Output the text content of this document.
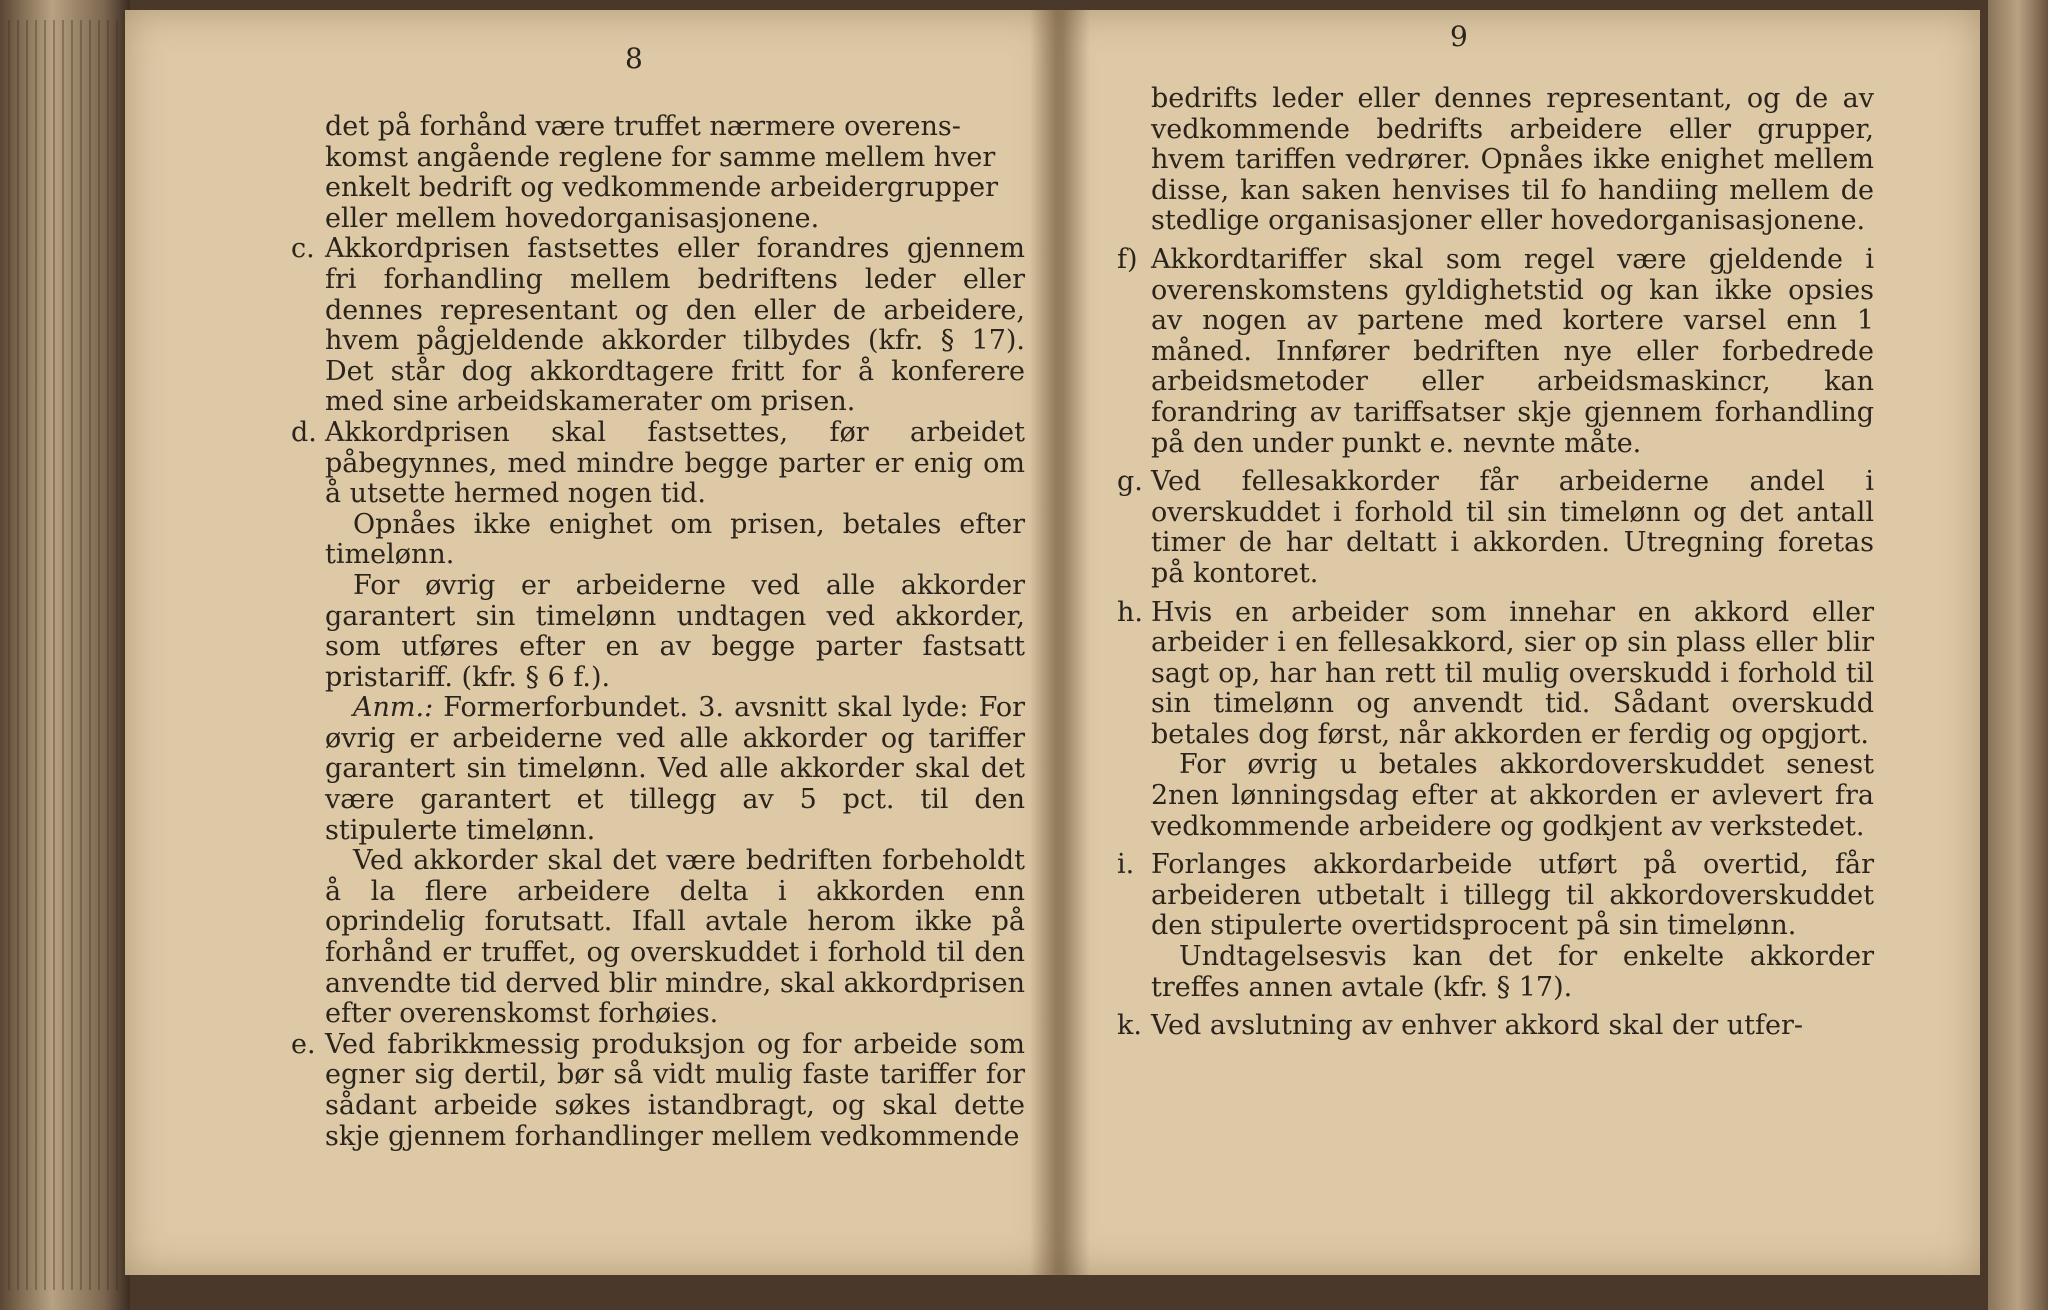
8

det på forhånd være truffet nærmere overens-

komst angående reglene for samme mellem hver

enkelt bedrift og vedkommende arbeidergrupper

eller mellem hovedorganisasjonene.

c. Akkordprisen fastsettes eller forandres gjennem fri forhandling mellem bedriftens leder eller dennes representant og den eller de arbeidere, hvem pågjeldende akkorder tilbydes (kfr. § 17). Det står dog akkordtagere fritt for å konferere med sine arbeidskamerater om prisen.

d. Akkordprisen skal fastsettes, før arbeidet påbegynnes, med mindre begge parter er enig om å utsette hermed nogen tid.

Opnåes ikke enighet om prisen, betales efter timelønn.

For øvrig er arbeiderne ved alle akkorder garantert sin timelønn undtagen ved akkorder, som utføres efter en av begge parter fastsatt pristariff. (kfr. § 6 f.).

Anm.: Formerforbundet. 3. avsnitt skal lyde: For øvrig er arbeiderne ved alle akkorder og tariffer garantert sin timelønn. Ved alle akkorder skal det være garantert et tillegg av 5 pct. til den stipulerte timelønn.

Ved akkorder skal det være bedriften forbeholdt å la flere arbeidere delta i akkorden enn oprindelig forutsatt. Ifall avtale herom ikke på forhånd er truffet, og overskuddet i forhold til den anvendte tid derved blir mindre, skal akkordprisen efter overenskomst forhøies.

e. Ved fabrikkmessig produksjon og for arbeide som egner sig dertil, bør så vidt mulig faste tariffer for sådant arbeide søkes istandbragt, og skal dette skje gjennem forhandlinger mellem vedkommende

9

bedrifts leder eller dennes representant, og de av vedkommende bedrifts arbeidere eller grupper, hvem tariffen vedrører. Opnåes ikke enighet mellem disse, kan saken henvises til fo handiing mellem de stedlige organisasjoner eller hovedorganisasjonene.

f) Akkordtariffer skal som regel være gjeldende i overenskomstens gyldighetstid og kan ikke opsies av nogen av partene med kortere varsel enn 1 måned. Innfører bedriften nye eller forbedrede arbeidsmetoder eller arbeidsmaskincr, kan forandring av tariffsatser skje gjennem forhandling på den under punkt e. nevnte måte.

g. Ved fellesakkorder får arbeiderne andel i overskuddet i forhold til sin timelønn og det antall timer de har deltatt i akkorden. Utregning foretas på kontoret.

h. Hvis en arbeider som innehar en akkord eller arbeider i en fellesakkord, sier op sin plass eller blir sagt op, har han rett til mulig overskudd i forhold til sin timelønn og anvendt tid. Sådant overskudd betales dog først, når akkorden er ferdig og opgjort.

For øvrig u betales akkordoverskuddet senest 2nen lønningsdag efter at akkorden er avlevert fra vedkommende arbeidere og godkjent av verkstedet.

i. Forlanges akkordarbeide utført på overtid, får arbeideren utbetalt i tillegg til akkordoverskuddet den stipulerte overtidsprocent på sin timelønn.

Undtagelsesvis kan det for enkelte akkorder treffes annen avtale (kfr. § 17).

k. Ved avslutning av enhver akkord skal der utfer-
